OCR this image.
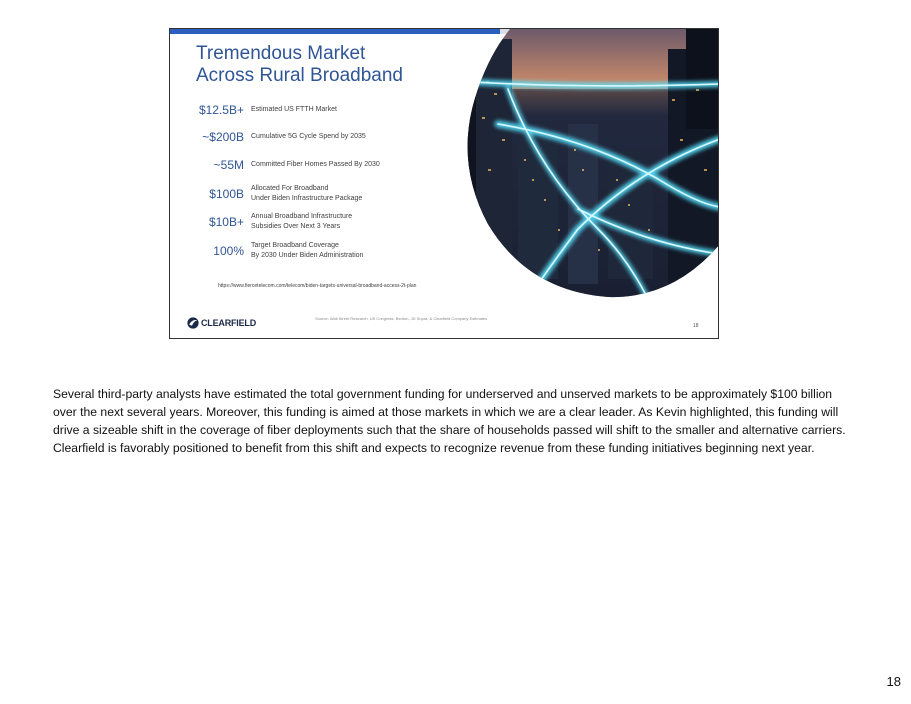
Tremendous Market
Across Rural Broadband
$12.5B+ Estimated US FTTH Market
~$200B Cumulative 5G Cycle Spend by 2035
~55M Committed Fiber Homes Passed By 2030
$100B Allocated For Broadband
Under Biden Infrastructure Package
$10B+ Annual Broadband Infrastructure
Subsidies Over Next 3 Years
100% Target Broadband Coverage
By 2030 Under Biden Administration
https://www.fiercetelecom.com/telecom/biden-targets-universal-broadband-access-2t-plan
CLEARFIELD	Source: Wall Street Research, US Congress, Benton, JD Supra, & Clearfield Company Estimates
18

Several third-party analysts have estimated the total government funding for underserved and unserved markets to be approximately $100 billion over the next several years. Moreover, this funding is aimed at those markets in which we are a clear leader. As Kevin highlighted, this funding will drive a sizeable shift in the coverage of fiber deployments such that the share of households passed will shift to the smaller and alternative carriers. Clearfield is favorably positioned to benefit from this shift and expects to recognize revenue from these funding initiatives beginning next year.

18
